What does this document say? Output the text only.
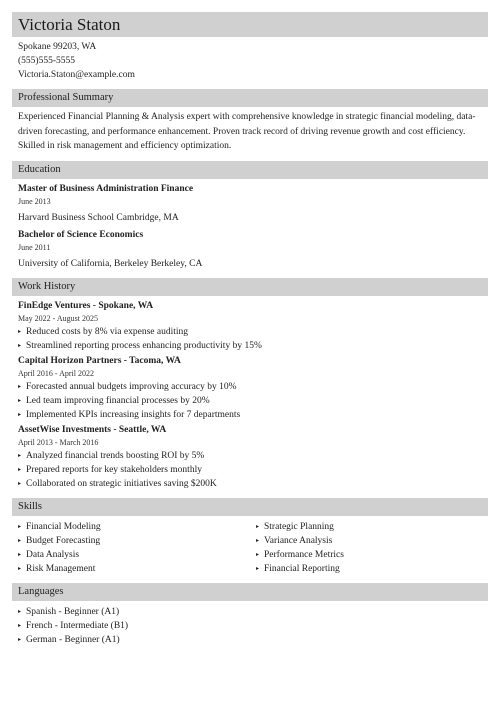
Victoria Staton
Spokane 99203, WA
(555)555-5555
Victoria.Staton@example.com
Professional Summary
Experienced Financial Planning & Analysis expert with comprehensive knowledge in strategic financial modeling, data-driven forecasting, and performance enhancement. Proven track record of driving revenue growth and cost efficiency. Skilled in risk management and efficiency optimization.
Education
Master of Business Administration Finance
June 2013
Harvard Business School Cambridge, MA
Bachelor of Science Economics
June 2011
University of California, Berkeley Berkeley, CA
Work History
FinEdge Ventures - Spokane, WA
May 2022 - August 2025
▸ Reduced costs by 8% via expense auditing
▸ Streamlined reporting process enhancing productivity by 15%
Capital Horizon Partners - Tacoma, WA
April 2016 - April 2022
▸ Forecasted annual budgets improving accuracy by 10%
▸ Led team improving financial processes by 20%
▸ Implemented KPIs increasing insights for 7 departments
AssetWise Investments - Seattle, WA
April 2013 - March 2016
▸ Analyzed financial trends boosting ROI by 5%
▸ Prepared reports for key stakeholders monthly
▸ Collaborated on strategic initiatives saving $200K
Skills
▸ Financial Modeling
▸ Budget Forecasting
▸ Data Analysis
▸ Risk Management
▸ Strategic Planning
▸ Variance Analysis
▸ Performance Metrics
▸ Financial Reporting
Languages
▸ Spanish - Beginner (A1)
▸ French - Intermediate (B1)
▸ German - Beginner (A1)
